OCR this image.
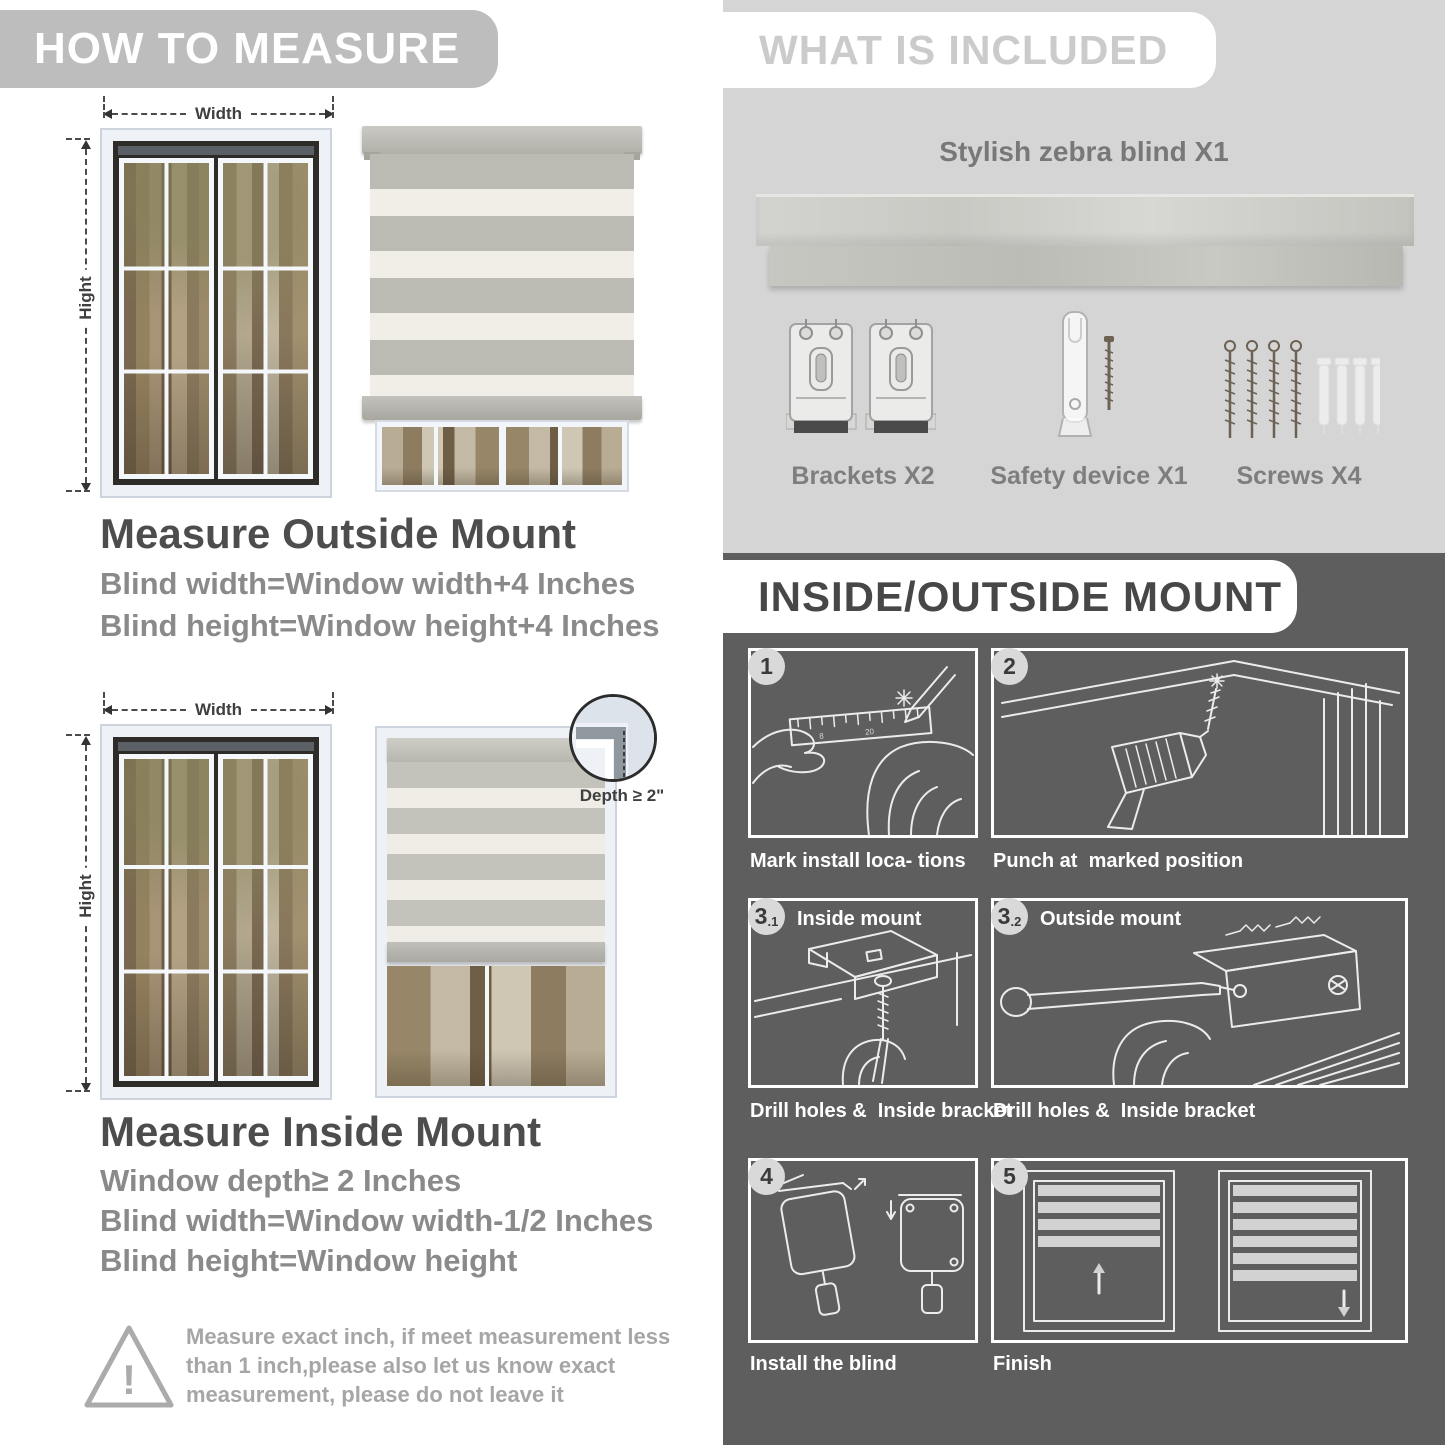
HOW TO MEASURE
Width
Hight
Measure Outside Mount
Blind width=Window width+4 Inches
Blind height=Window height+4 Inches
Width
Hight
Depth ≥ 2"
Measure Inside Mount
Window depth≥ 2 Inches
Blind width=Window width-1/2 Inches
Blind height=Window height
!
Measure exact inch, if meet measurement less
than 1 inch,please also let us know exact
measurement, please do not leave it
WHAT IS INCLUDED
Stylish zebra blind X1
Brackets X2	Safety device X1	Screws X4
INSIDE/OUTSIDE MOUNT
8	20
1
Mark install loca- tions
2
Punch at  marked position
3 .1 Inside mount
Drill holes &  Inside bracket
3 .2 Outside mount
Drill holes &  Inside bracket
4
Install the blind
5
Finish
